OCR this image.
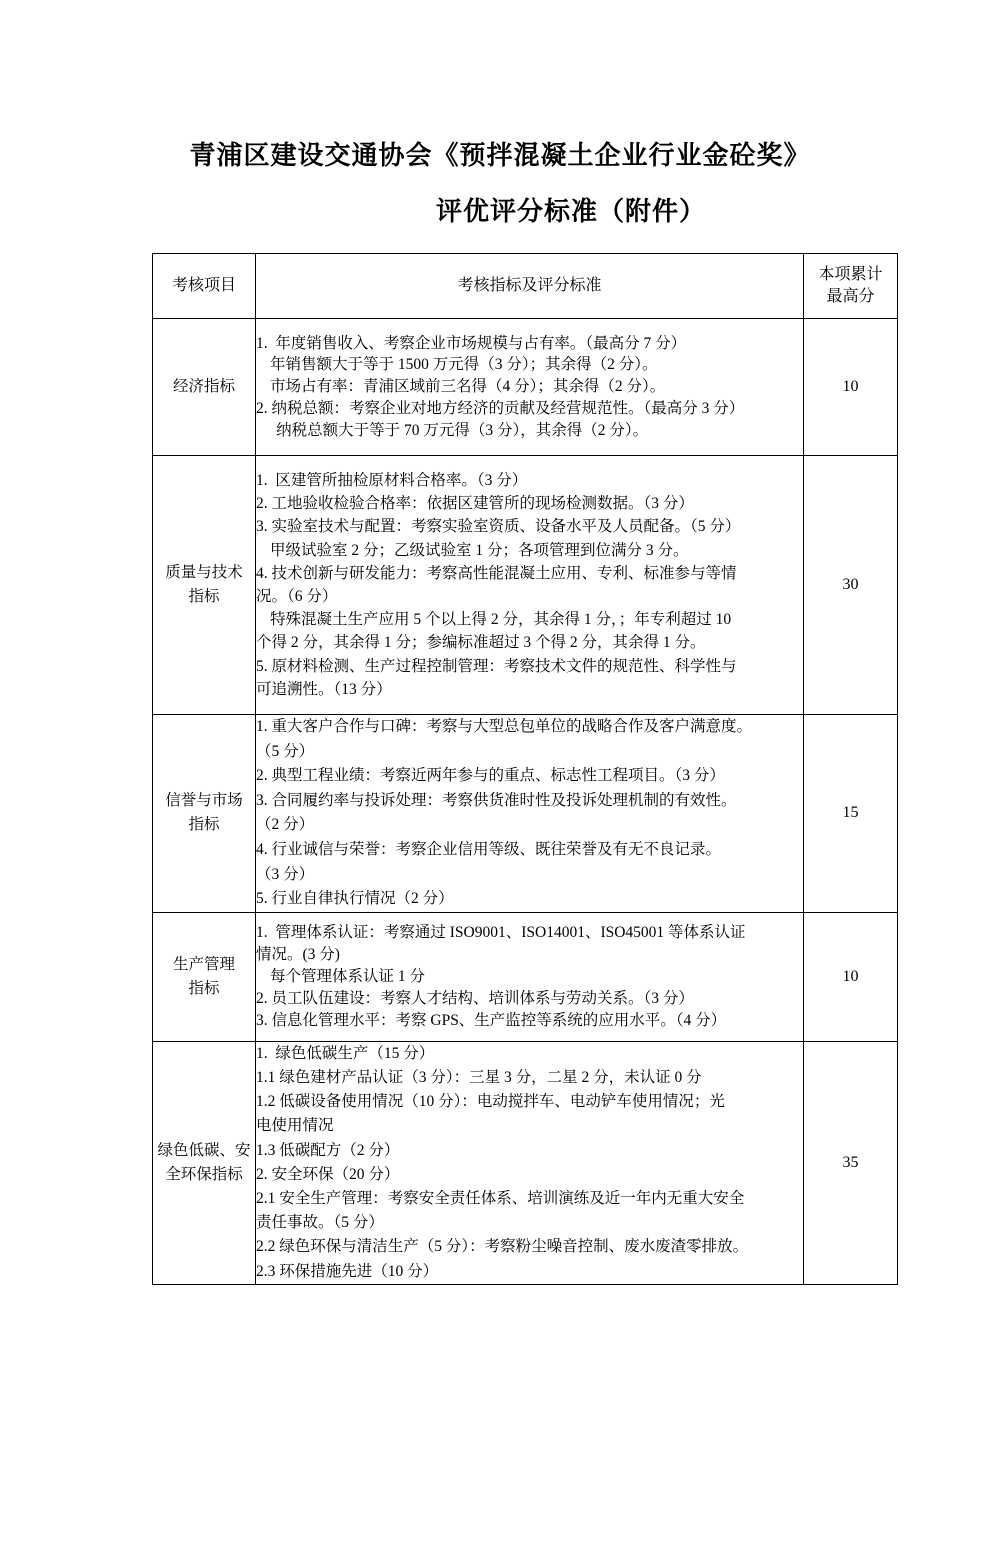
青浦区建设交通协会《预拌混凝土企业行业金砼奖》
评优评分标准（附件）
考核项目	考核指标及评分标准	本项累计
最高分

经济指标	1.  年度销售收入、考察企业市场规模与占有率。（最高分 7 分）
年销售额大于等于 1500 万元得（3 分）；其余得（2 分）。
市场占有率：青浦区域前三名得（4 分）；其余得（2 分）。
2. 纳税总额：考察企业对地方经济的贡献及经营规范性。（最高分 3 分）
纳税总额大于等于 70 万元得（3 分），其余得（2 分）。	10

质量与技术
指标

1.  区建管所抽检原材料合格率。（3 分）
2. 工地验收检验合格率：依据区建管所的现场检测数据。（3 分）
3. 实验室技术与配置：考察实验室资质、设备水平及人员配备。（5 分）
甲级试验室 2 分；乙级试验室 1 分；各项管理到位满分 3 分。
4. 技术创新与研发能力：考察高性能混凝土应用、专利、标准参与等情
况。（6 分）
特殊混凝土生产应用 5 个以上得 2 分，其余得 1 分，；年专利超过 10
个得 2 分，其余得 1 分；参编标准超过 3 个得 2 分，其余得 1 分。
5. 原材料检测、生产过程控制管理：考察技术文件的规范性、科学性与
可追溯性。（13 分）
	30

信誉与市场
指标

1. 重大客户合作与口碑：考察与大型总包单位的战略合作及客户满意度。
（5 分）
2. 典型工程业绩：考察近两年参与的重点、标志性工程项目。（3 分）
3. 合同履约率与投诉处理：考察供货准时性及投诉处理机制的有效性。
（2 分）
4. 行业诚信与荣誉：考察企业信用等级、既往荣誉及有无不良记录。
（3 分）
5. 行业自律执行情况（2 分）
	15

生产管理
指标

1.  管理体系认证：考察通过 ISO9001、ISO14001、ISO45001 等体系认证
情况。(3 分)
每个管理体系认证 1 分
2. 员工队伍建设：考察人才结构、培训体系与劳动关系。（3 分）
3. 信息化管理水平：考察 GPS、生产监控等系统的应用水平。（4 分）
	10

绿色低碳、安
全环保指标

1.  绿色低碳生产（15 分）
1.1 绿色建材产品认证（3 分）：三星 3 分，二星 2 分，未认证 0 分
1.2 低碳设备使用情况（10 分）：电动搅拌车、电动铲车使用情况；光
电使用情况
1.3 低碳配方（2 分）
2. 安全环保（20 分）
2.1 安全生产管理：考察安全责任体系、培训演练及近一年内无重大安全
责任事故。（5 分）
2.2 绿色环保与清洁生产（5 分）：考察粉尘噪音控制、废水废渣零排放。
2.3 环保措施先进（10 分）
	35
